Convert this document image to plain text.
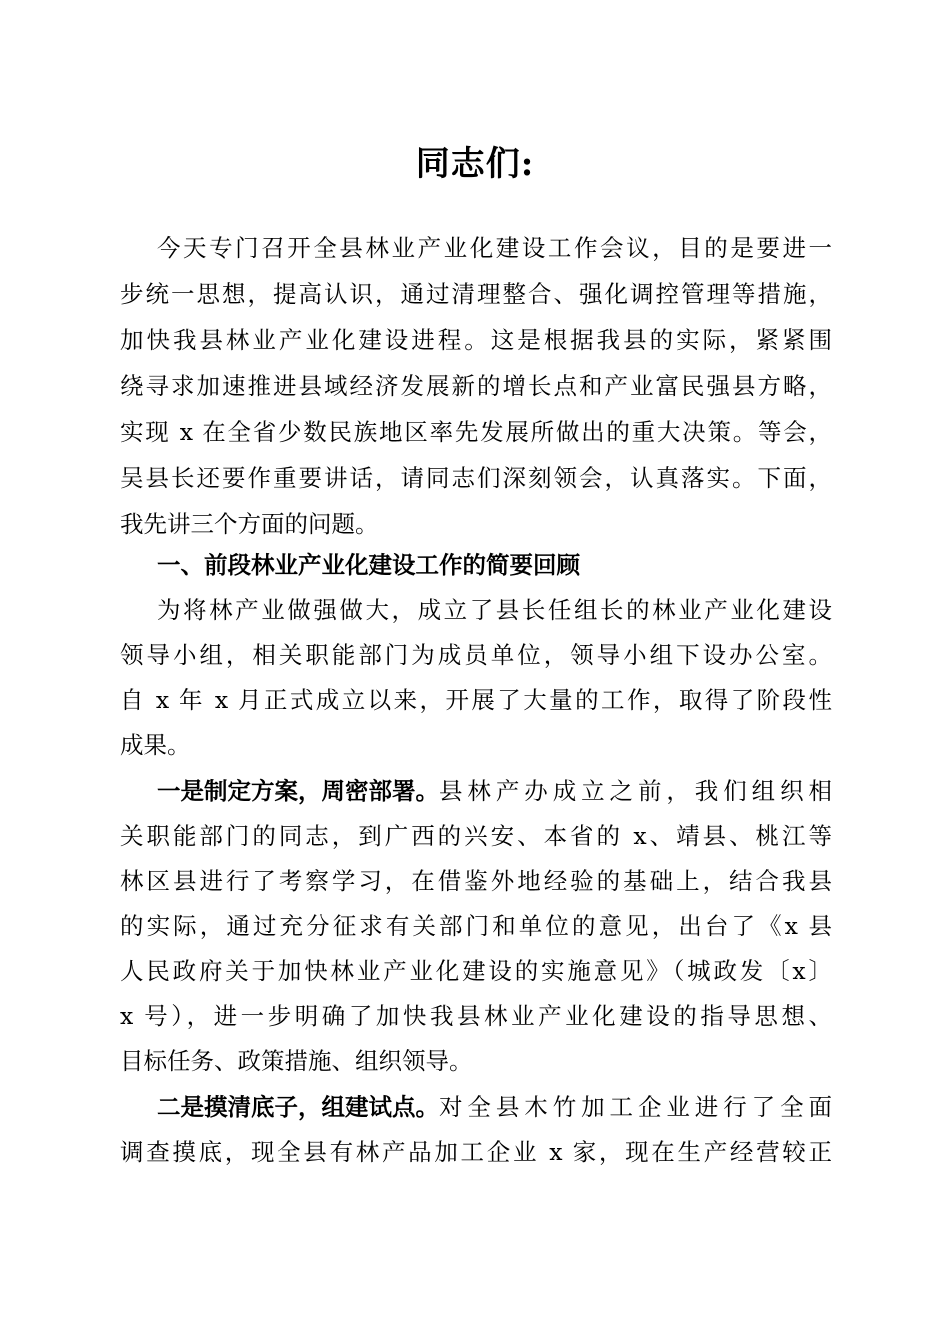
同志们:
今天专门召开全县林业产业化建设工作会议，目的是要进一
步统一思想，提高认识，通过清理整合、强化调控管理等措施，
加快我县林业产业化建设进程。这是根据我县的实际，紧紧围
绕寻求加速推进县域经济发展新的增长点和产业富民强县方略，
实现 x 在全省少数民族地区率先发展所做出的重大决策。等会，
吴县长还要作重要讲话，请同志们深刻领会，认真落实。下面，
我先讲三个方面的问题。
一、前段林业产业化建设工作的简要回顾
为将林产业做强做大，成立了县长任组长的林业产业化建设
领导小组，相关职能部门为成员单位，领导小组下设办公室。
自 x 年 x 月正式成立以来，开展了大量的工作，取得了阶段性
成果。
一是制定方案，周密部署。 县林产办成立之前，我们组织相
关职能部门的同志，到广西的兴安、本省的 x、靖县、桃江等
林区县进行了考察学习，在借鉴外地经验的基础上，结合我县
的实际，通过充分征求有关部门和单位的意见，出台了《x 县
人民政府关于加快林业产业化建设的实施意见》（城政发〔x〕
x 号），进一步明确了加快我县林业产业化建设的指导思想、
目标任务、政策措施、组织领导。
二是摸清底子，组建试点。 对全县木竹加工企业进行了全面
调查摸底，现全县有林产品加工企业 x 家，现在生产经营较正
